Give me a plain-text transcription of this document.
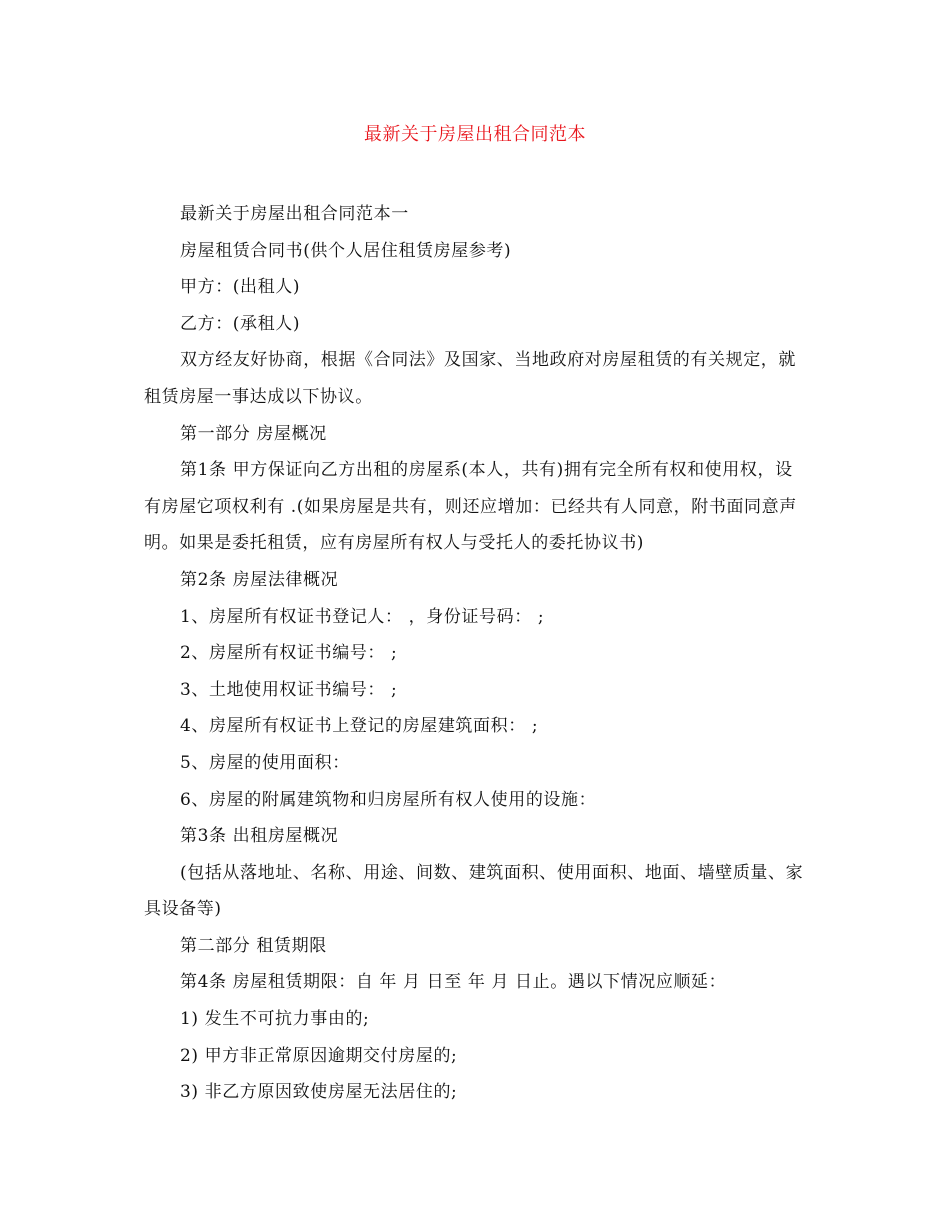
最新关于房屋出租合同范本

最新关于房屋出租合同范本一

房屋租赁合同书(供个人居住租赁房屋参考)

甲方：(出租人)

乙方：(承租人)

双方经友好协商，根据《合同法》及国家、当地政府对房屋租赁的有关规定，就租赁房屋一事达成以下协议。

第一部分 房屋概况

第1条 甲方保证向乙方出租的房屋系(本人，共有)拥有完全所有权和使用权，设有房屋它项权利有 .(如果房屋是共有，则还应增加：已经共有人同意，附书面同意声明。如果是委托租赁，应有房屋所有权人与受托人的委托协议书)

第2条 房屋法律概况

1、房屋所有权证书登记人： ，身份证号码： ;

2、房屋所有权证书编号： ;

3、土地使用权证书编号： ;

4、房屋所有权证书上登记的房屋建筑面积： ;

5、房屋的使用面积：

6、房屋的附属建筑物和归房屋所有权人使用的设施：

第3条 出租房屋概况

(包括从落地址、名称、用途、间数、建筑面积、使用面积、地面、墙壁质量、家具设备等)

第二部分 租赁期限

第4条 房屋租赁期限：自 年 月 日至 年 月 日止。遇以下情况应顺延：

1) 发生不可抗力事由的;

2) 甲方非正常原因逾期交付房屋的;

3) 非乙方原因致使房屋无法居住的;
